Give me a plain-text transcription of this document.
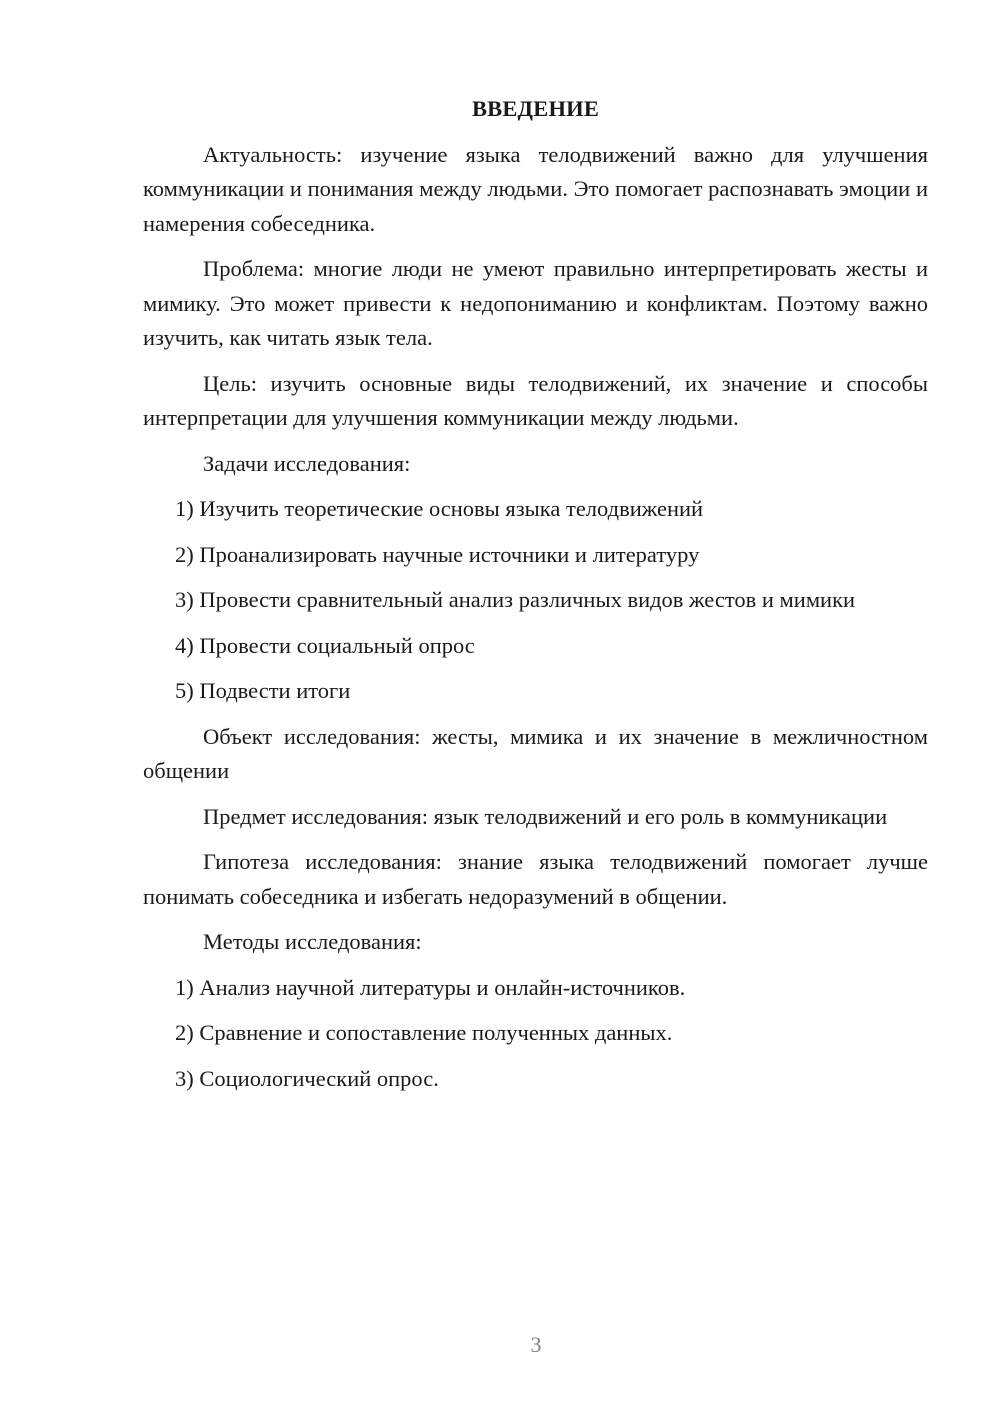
ВВЕДЕНИЕ

Актуальность: изучение языка телодвижений важно для улучшения коммуникации и понимания между людьми. Это помогает распознавать эмоции и намерения собеседника.

Проблема: многие люди не умеют правильно интерпретировать жесты и мимику. Это может привести к недопониманию и конфликтам. Поэтому важно изучить, как читать язык тела.

Цель: изучить основные виды телодвижений, их значение и способы интерпретации для улучшения коммуникации между людьми.

Задачи исследования:

1) Изучить теоретические основы языка телодвижений
2) Проанализировать научные источники и литературу
3) Провести сравнительный анализ различных видов жестов и мимики
4) Провести социальный опрос
5) Подвести итоги

Объект исследования: жесты, мимика и их значение в межличностном общении

Предмет исследования: язык телодвижений и его роль в коммуникации

Гипотеза исследования: знание языка телодвижений помогает лучше понимать собеседника и избегать недоразумений в общении.

Методы исследования:

1) Анализ научной литературы и онлайн-источников.
2) Сравнение и сопоставление полученных данных.
3) Социологический опрос.
3
